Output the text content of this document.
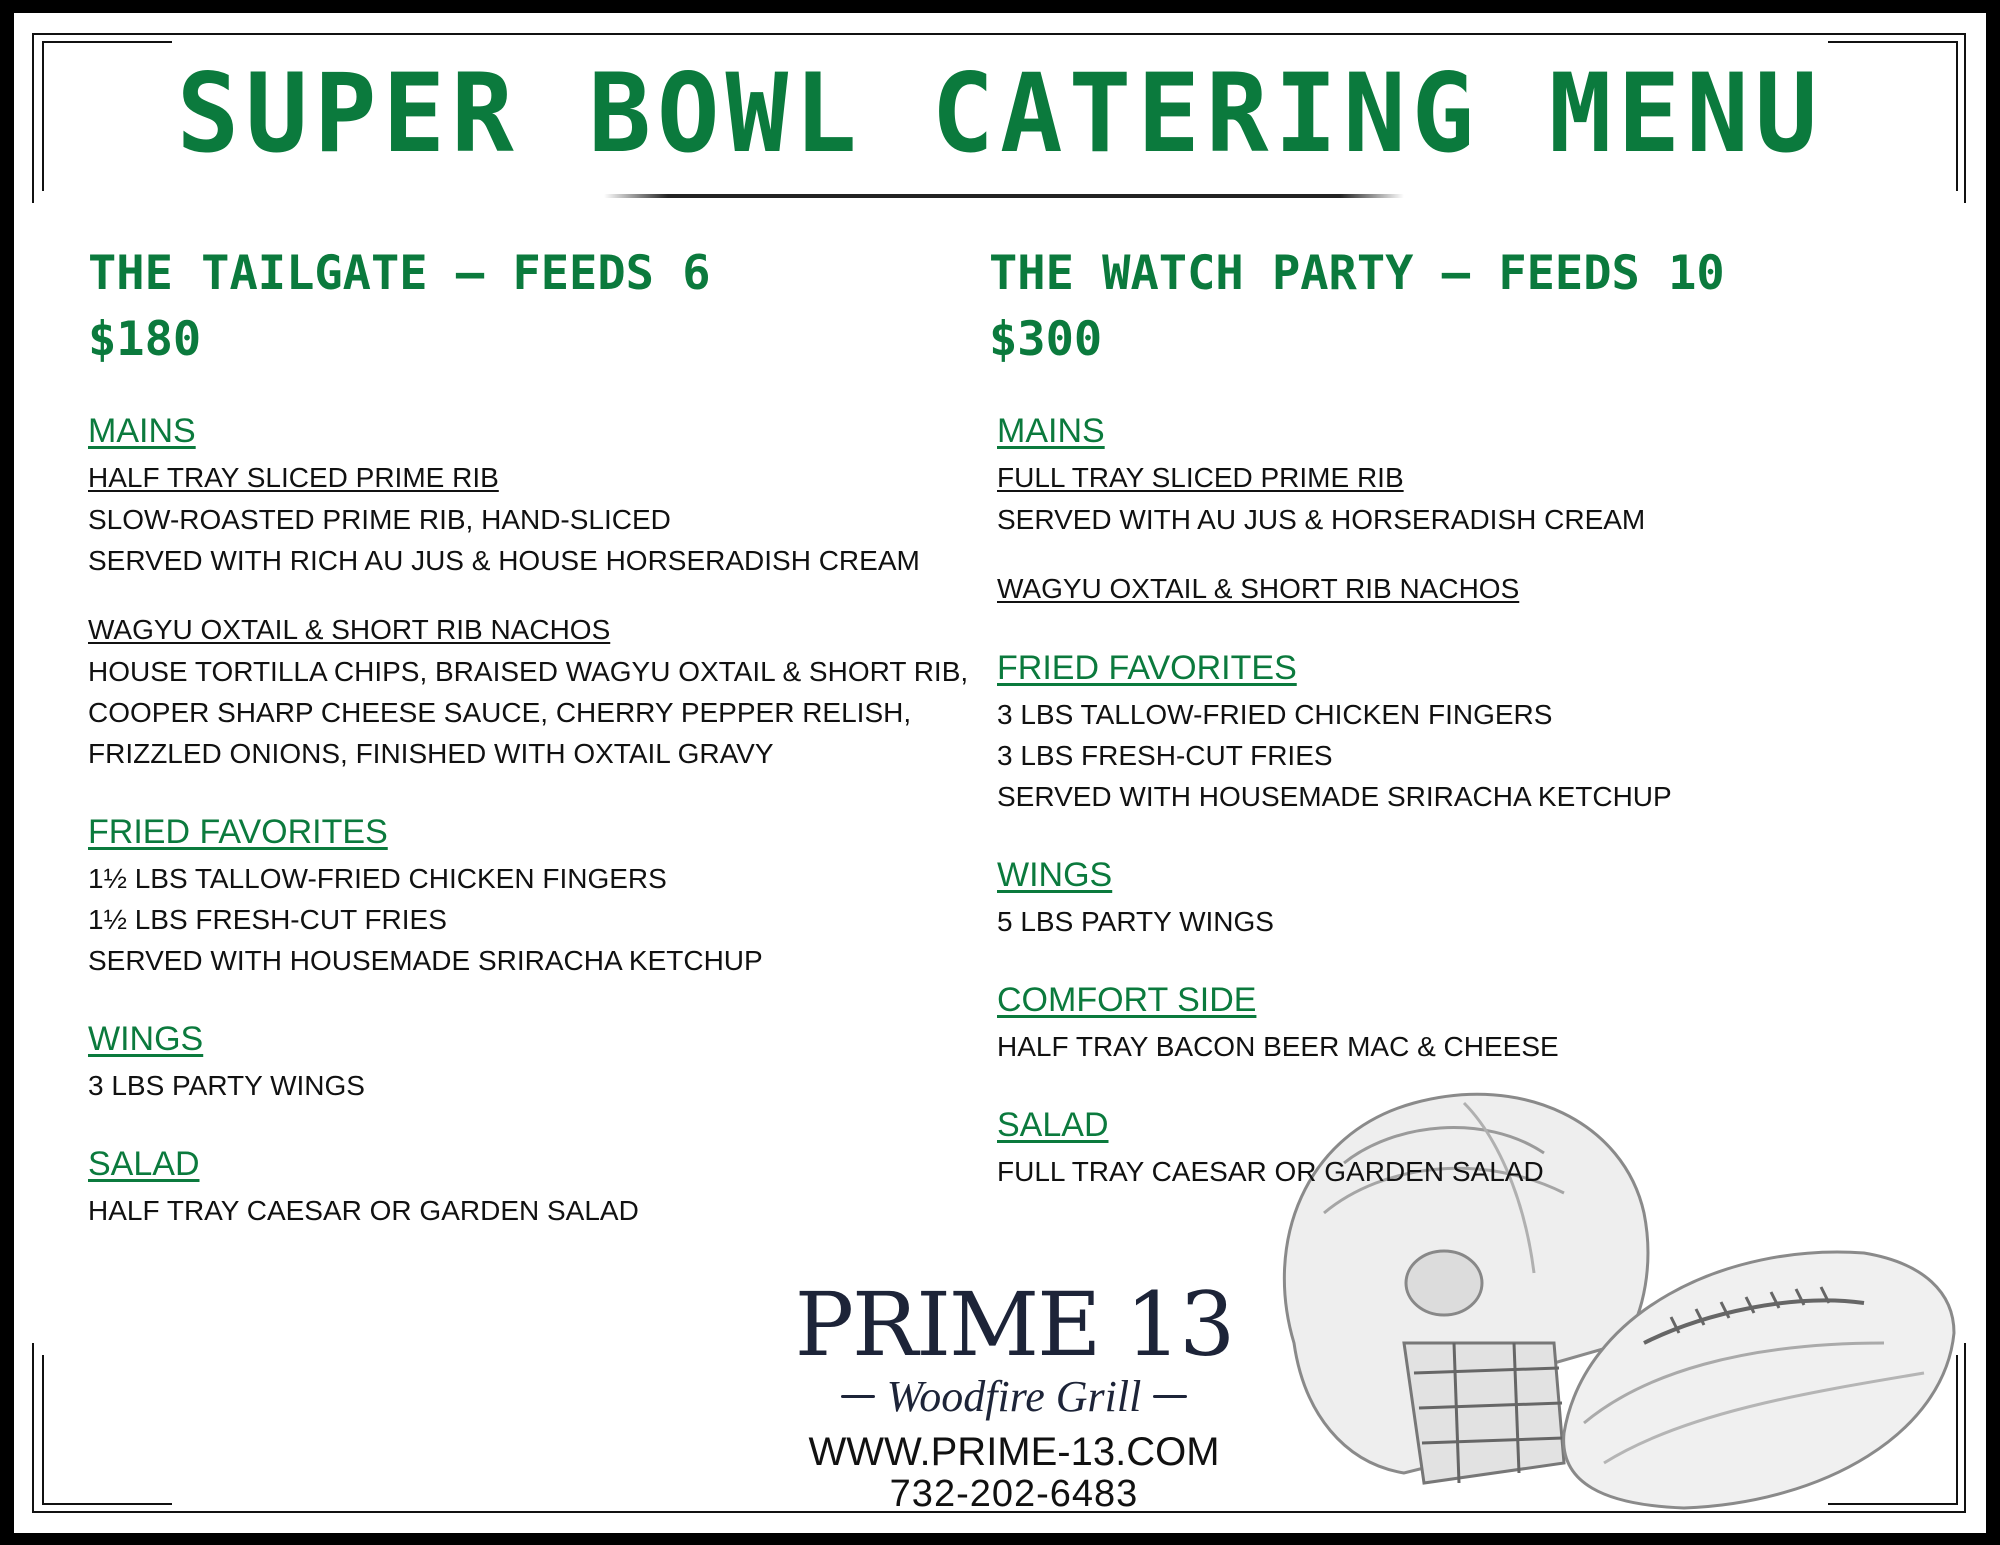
SUPER BOWL CATERING MENU
THE TAILGATE – FEEDS 6
$180
MAINS
HALF TRAY SLICED PRIME RIB
SLOW-ROASTED PRIME RIB, HAND-SLICED
SERVED WITH RICH AU JUS & HOUSE HORSERADISH CREAM
WAGYU OXTAIL & SHORT RIB NACHOS
HOUSE TORTILLA CHIPS, BRAISED WAGYU OXTAIL & SHORT RIB,
COOPER SHARP CHEESE SAUCE, CHERRY PEPPER RELISH,
FRIZZLED ONIONS, FINISHED WITH OXTAIL GRAVY
FRIED FAVORITES
1½ LBS TALLOW-FRIED CHICKEN FINGERS
1½ LBS FRESH-CUT FRIES
SERVED WITH HOUSEMADE SRIRACHA KETCHUP
WINGS
3 LBS PARTY WINGS
SALAD
HALF TRAY CAESAR OR GARDEN SALAD
THE WATCH PARTY – FEEDS 10
$300
MAINS
FULL TRAY SLICED PRIME RIB
SERVED WITH AU JUS & HORSERADISH CREAM
WAGYU OXTAIL & SHORT RIB NACHOS
FRIED FAVORITES
3 LBS TALLOW-FRIED CHICKEN FINGERS
3 LBS FRESH-CUT FRIES
SERVED WITH HOUSEMADE SRIRACHA KETCHUP
WINGS
5 LBS PARTY WINGS
COMFORT SIDE
HALF TRAY BACON BEER MAC & CHEESE
SALAD
FULL TRAY CAESAR OR GARDEN SALAD
PRIME 13
Woodfire Grill
WWW.PRIME-13.COM
732-202-6483
